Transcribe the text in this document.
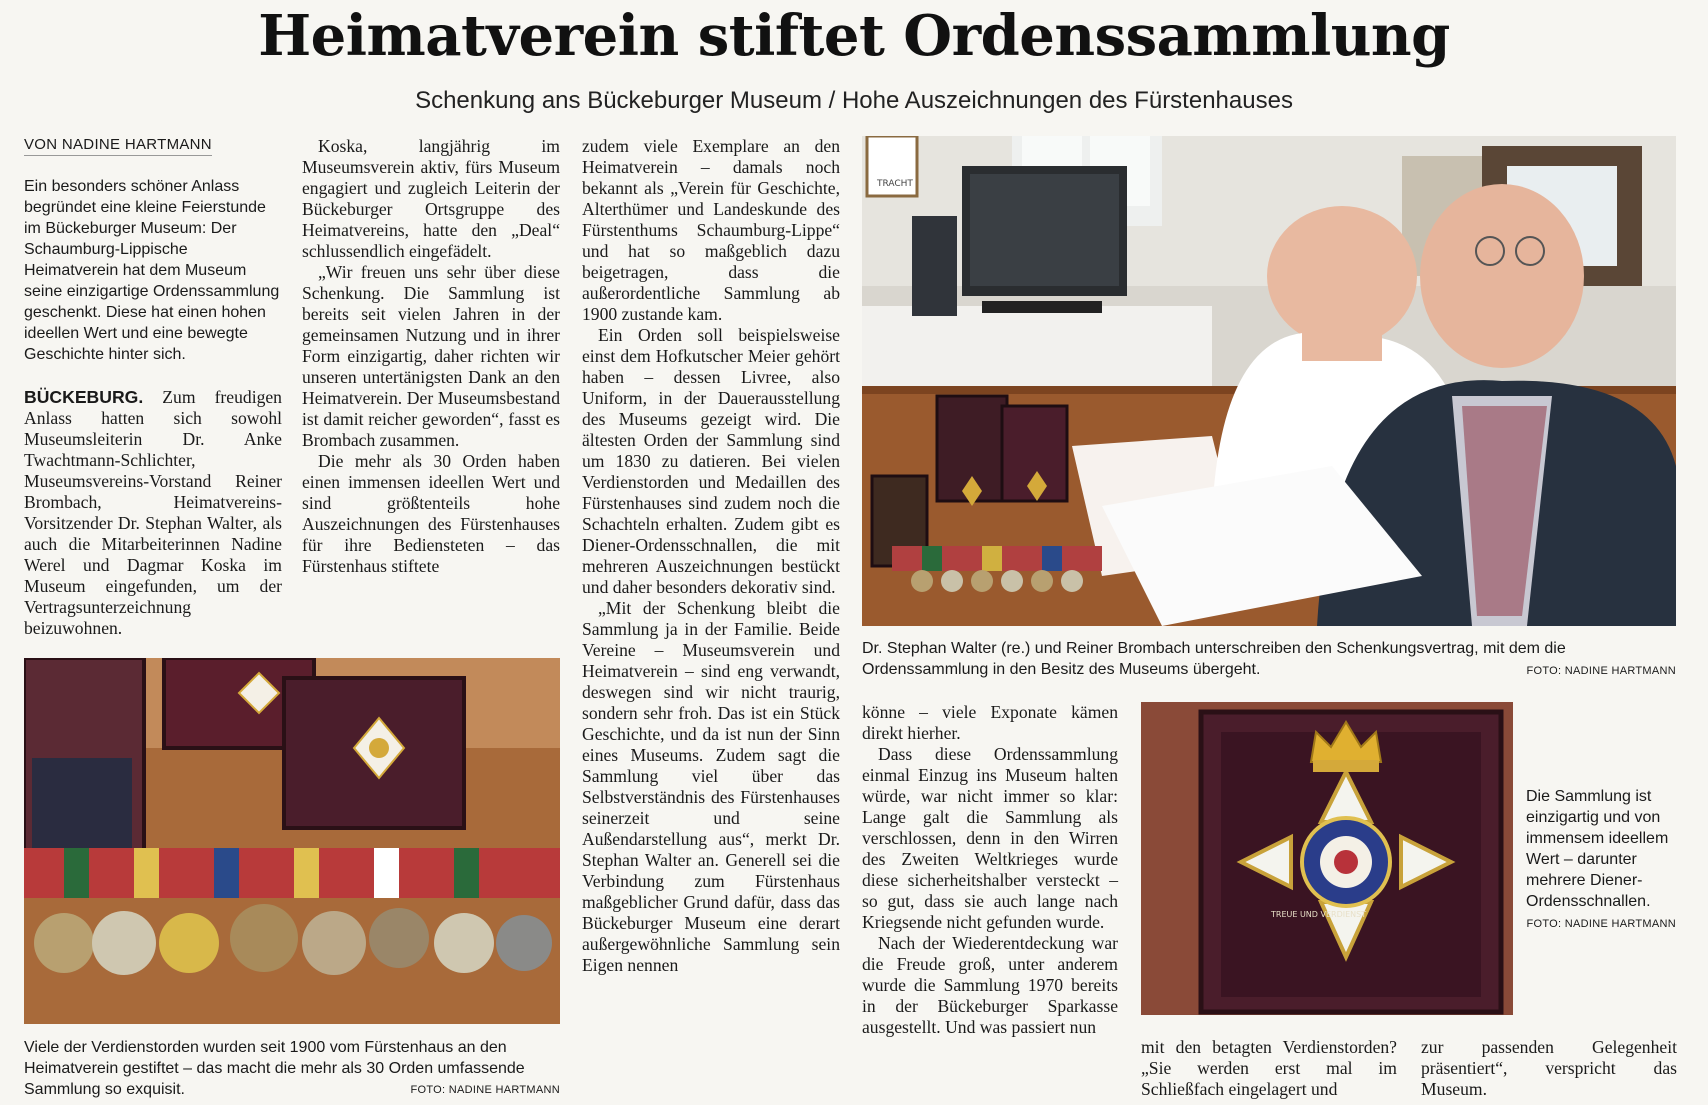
Heimatverein stiftet Ordenssammlung
Schenkung ans Bückeburger Museum / Hohe Auszeichnungen des Fürstenhauses
VON NADINE HARTMANN
Ein besonders schöner Anlass begründet eine kleine Feierstunde im Bückeburger Museum: Der Schaumburg-Lippische Heimatverein hat dem Museum seine einzigartige Ordenssammlung geschenkt. Diese hat einen hohen ideellen Wert und eine bewegte Geschichte hinter sich.

BÜCKEBURG. Zum freudigen Anlass hatten sich sowohl Museumsleiterin Dr. Anke Twachtmann-Schlichter, Museumsvereins-Vorstand Reiner Brombach, Heimatvereins-Vorsitzender Dr. Stephan Walter, als auch die Mitarbeiterinnen Nadine Werel und Dagmar Koska im Museum eingefunden, um der Vertragsunterzeichnung beizuwohnen.

Koska, langjährig im Museumsverein aktiv, fürs Museum engagiert und zugleich Leiterin der Bückeburger Ortsgruppe des Heimatvereins, hatte den „Deal“ schlussendlich eingefädelt.

„Wir freuen uns sehr über diese Schenkung. Die Sammlung ist bereits seit vielen Jahren in der gemeinsamen Nutzung und in ihrer Form einzigartig, daher richten wir unseren untertänigsten Dank an den Heimatverein. Der Museumsbestand ist damit reicher geworden“, fasst es Brombach zusammen.

Die mehr als 30 Orden haben einen immensen ideellen Wert und sind größtenteils hohe Auszeichnungen des Fürstenhauses für ihre Bediensteten – das Fürstenhaus stiftete

zudem viele Exemplare an den Heimatverein – damals noch bekannt als „Verein für Geschichte, Alterthümer und Landeskunde des Fürstenthums Schaumburg-Lippe“ und hat so maßgeblich dazu beigetragen, dass die außerordentliche Sammlung ab 1900 zustande kam.

Ein Orden soll beispielsweise einst dem Hofkutscher Meier gehört haben – dessen Livree, also Uniform, in der Dauerausstellung des Museums gezeigt wird. Die ältesten Orden der Sammlung sind um 1830 zu datieren. Bei vielen Verdienstorden und Medaillen des Fürstenhauses sind zudem noch die Schachteln erhalten. Zudem gibt es Diener-Ordensschnallen, die mit mehreren Auszeichnungen bestückt und daher besonders dekorativ sind.

„Mit der Schenkung bleibt die Sammlung ja in der Familie. Beide Vereine – Museumsverein und Heimatverein – sind eng verwandt, deswegen sind wir nicht traurig, sondern sehr froh. Das ist ein Stück Geschichte, und da ist nun der Sinn eines Museums. Zudem sagt die Sammlung viel über das Selbstverständnis des Fürstenhauses seinerzeit und seine Außendarstellung aus“, merkt Dr. Stephan Walter an. Generell sei die Verbindung zum Fürstenhaus maßgeblicher Grund dafür, dass das Bückeburger Museum eine derart außergewöhnliche Sammlung sein Eigen nennen

könne – viele Exponate kämen direkt hierher.

Dass diese Ordenssammlung einmal Einzug ins Museum halten würde, war nicht immer so klar: Lange galt die Sammlung als verschlossen, denn in den Wirren des Zweiten Weltkrieges wurde diese sicherheitshalber versteckt – so gut, dass sie auch lange nach Kriegsende nicht gefunden wurde.

Nach der Wiederentdeckung war die Freude groß, unter anderem wurde die Sammlung 1970 bereits in der Bückeburger Sparkasse ausgestellt. Und was passiert nun

mit den betagten Verdienstorden? „Sie werden erst mal im Schließfach eingelagert und

zur passenden Gelegenheit präsentiert“, verspricht das Museum.

TRACHT
Dr. Stephan Walter (re.) und Reiner Brombach unterschreiben den Schenkungsvertrag, mit dem die Ordenssammlung in den Besitz des Museums übergeht.	FOTO: NADINE HARTMANN
Viele der Verdienstorden wurden seit 1900 vom Fürstenhaus an den Heimatverein gestiftet – das macht die mehr als 30 Orden umfassende Sammlung so exquisit.	FOTO: NADINE HARTMANN
TREUE UND VERDIENST
Die Sammlung ist einzigartig und von immensem ideellem Wert – darunter mehrere Diener-Ordensschnallen.
FOTO: NADINE HARTMANN
